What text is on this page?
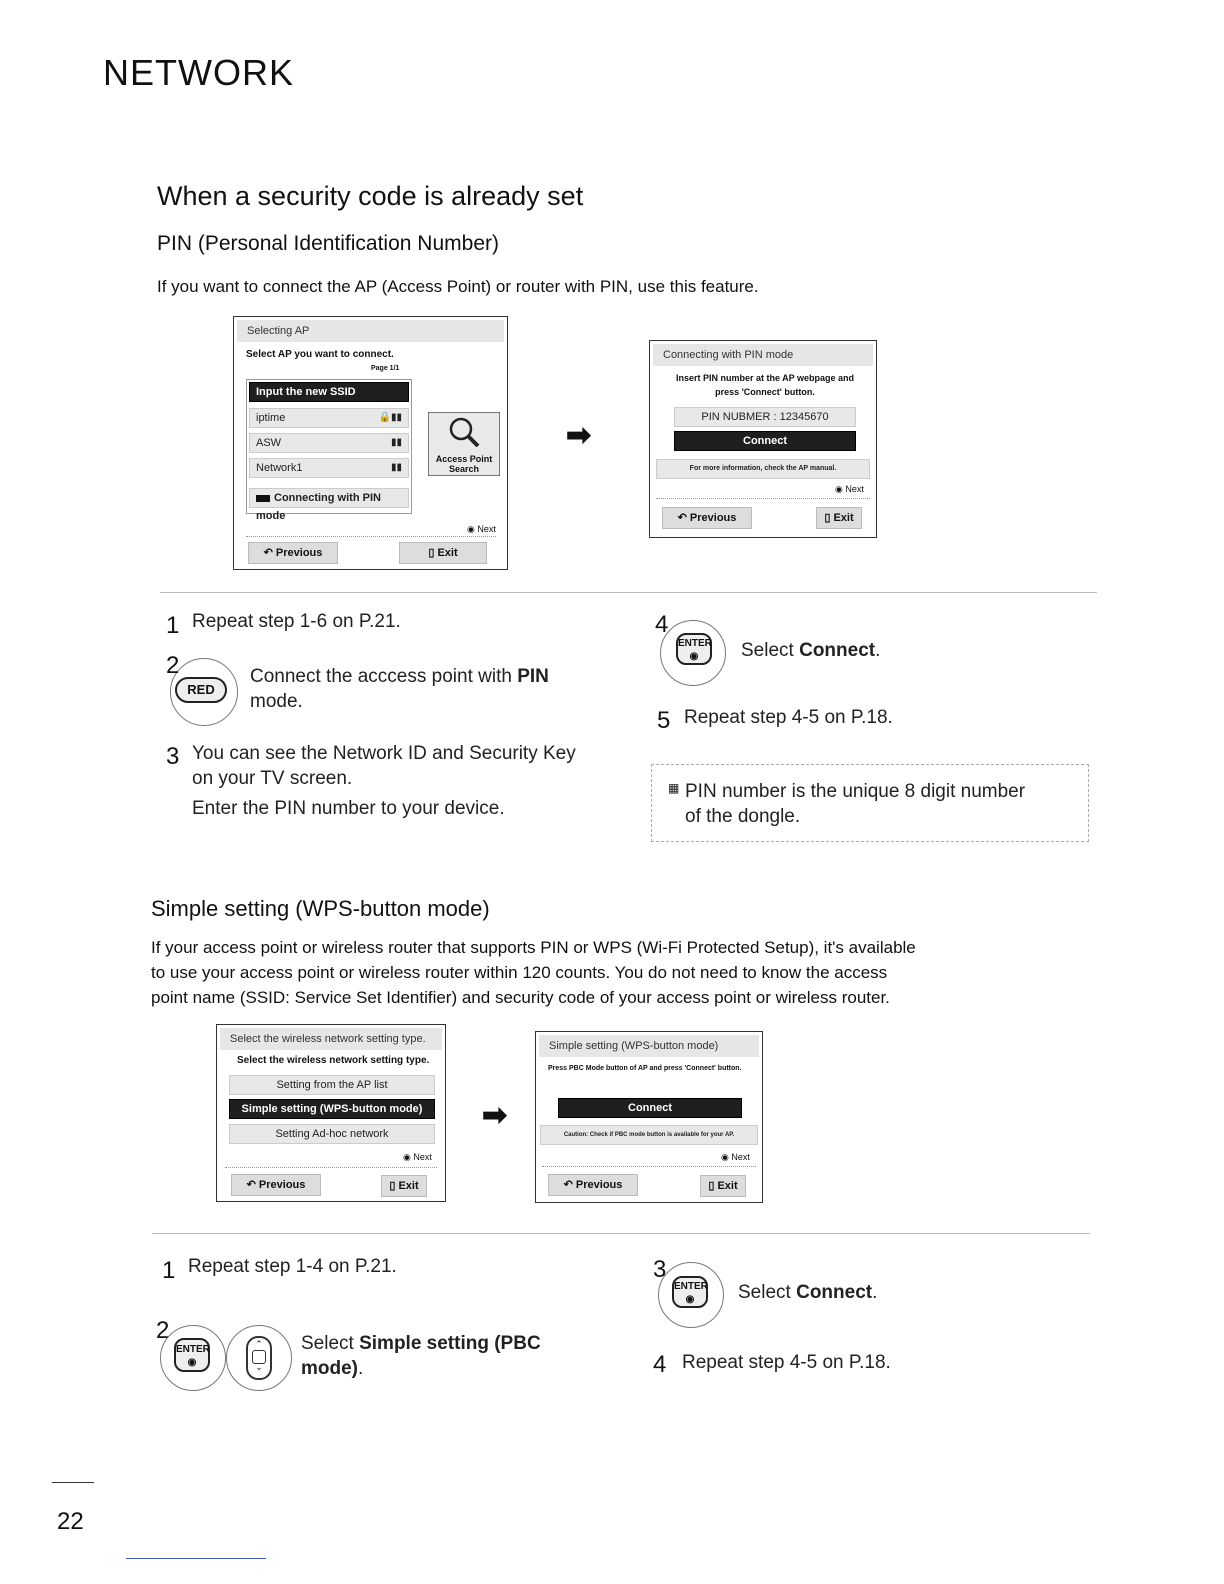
NETWORK
When a security code is already set
PIN (Personal Identification Number)
If you want to connect the AP (Access Point) or router with PIN, use this feature.
Selecting AP
Select AP you want to connect.
Page 1/1
Input the new SSID
iptime	🔒▮▮
ASW	▮▮
Network1	▮▮
Connecting with PIN mode
Access Point Search
◉ Next
↶ Previous	▯ Exit
➡
Connecting with PIN mode
Insert PIN number at the AP webpage and press 'Connect' button.
PIN NUBMER : 12345670
Connect
For more information, check the AP manual.
◉ Next
↶ Previous	▯ Exit
1 Repeat step 1-6 on P.21.
2
RED
Connect the acccess point with PIN
mode.
3 You can see the Network ID and Security Key
on your TV screen.
Enter the PIN number to your device.
4
ENTER
◉	Select Connect.
5 Repeat step 4-5 on P.18.
▦ PIN number is the unique 8 digit number
of the dongle.
Simple setting (WPS-button mode)
If your access point or wireless router that supports PIN or WPS (Wi-Fi Protected Setup), it's available
to use your access point or wireless router within 120 counts. You do not need to know the access
point name (SSID: Service Set Identifier) and security code of your access point or wireless router.
Select the wireless network setting type.
Select the wireless network setting type.
Setting from the AP list
Simple setting (WPS-button mode)
Setting Ad-hoc network
◉ Next
↶ Previous	▯ Exit
➡
Simple setting (WPS-button mode)
Press PBC Mode button of AP and press 'Connect' button.
Connect
Caution: Check if PBC mode button is available for your AP.
◉ Next
↶ Previous	▯ Exit
1 Repeat step 1-4 on P.21.
2
ENTER
◉
⌃
⌄
Select Simple setting (PBC
mode).
3
ENTER
◉	Select Connect.
4 Repeat step 4-5 on P.18.
22
